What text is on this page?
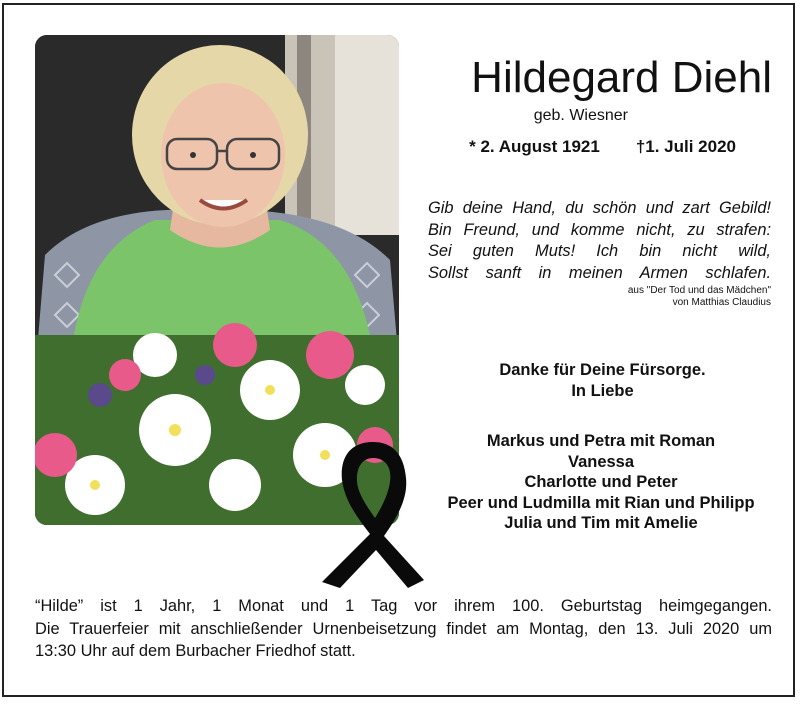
Hildegard Diehl
geb. Wiesner
* 2. August 1921 †1. Juli 2020
Gib deine Hand, du schön und zart Gebild!
Bin Freund, und komme nicht, zu strafen:
Sei guten Muts! Ich bin nicht wild,
Sollst sanft in meinen Armen schlafen.
aus "Der Tod und das Mädchen"
von Matthias Claudius
Danke für Deine Fürsorge.
In Liebe
Markus und Petra mit Roman
Vanessa
Charlotte und Peter
Peer und Ludmilla mit Rian und Philipp
Julia und Tim mit Amelie
“Hilde” ist 1 Jahr, 1 Monat und 1 Tag vor ihrem 100. Geburtstag heimgegangen.
Die Trauerfeier mit anschließender Urnenbeisetzung findet am Montag, den 13. Juli 2020 um
13:30 Uhr auf dem Burbacher Friedhof statt.
